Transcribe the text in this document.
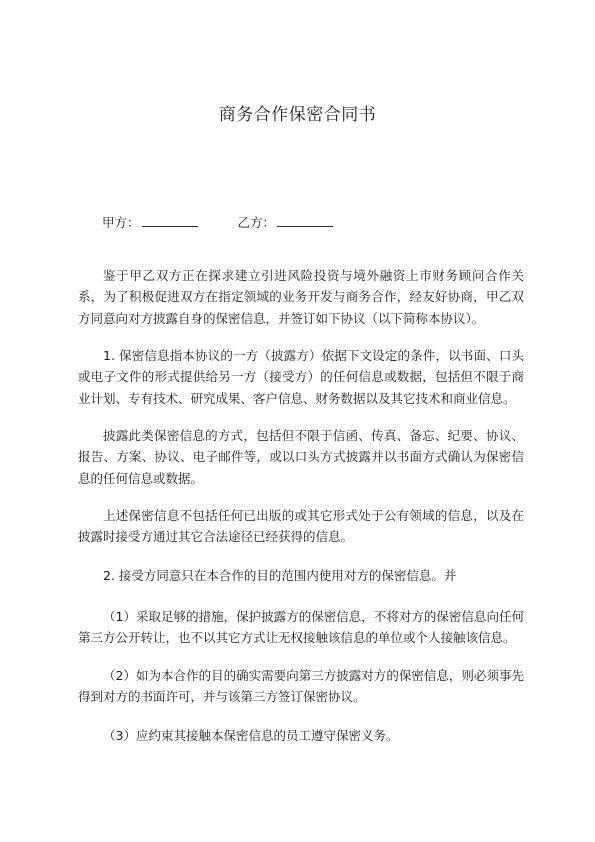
商务合作保密合同书
甲方：	乙方：

鉴于甲乙双方正在探求建立引进风险投资与境外融资上市财务顾问合作关系，为了积极促进双方在指定领域的业务开发与商务合作，经友好协商，甲乙双方同意向对方披露自身的保密信息，并签订如下协议（以下简称本协议）。

1. 保密信息指本协议的一方（披露方）依据下文设定的条件，以书面、口头或电子文件的形式提供给另一方（接受方）的任何信息或数据，包括但不限于商业计划、专有技术、研究成果、客户信息、财务数据以及其它技术和商业信息。

披露此类保密信息的方式，包括但不限于信函、传真、备忘、纪要、协议、报告、方案、协议、电子邮件等，或以口头方式披露并以书面方式确认为保密信息的任何信息或数据。

上述保密信息不包括任何已出版的或其它形式处于公有领域的信息，以及在披露时接受方通过其它合法途径已经获得的信息。

2. 接受方同意只在本合作的目的范围内使用对方的保密信息。并

（1）采取足够的措施，保护披露方的保密信息，不将对方的保密信息向任何第三方公开转让，也不以其它方式让无权接触该信息的单位或个人接触该信息。

（2）如为本合作的目的确实需要向第三方披露对方的保密信息，则必须事先得到对方的书面许可，并与该第三方签订保密协议。

（3）应约束其接触本保密信息的员工遵守保密义务。
